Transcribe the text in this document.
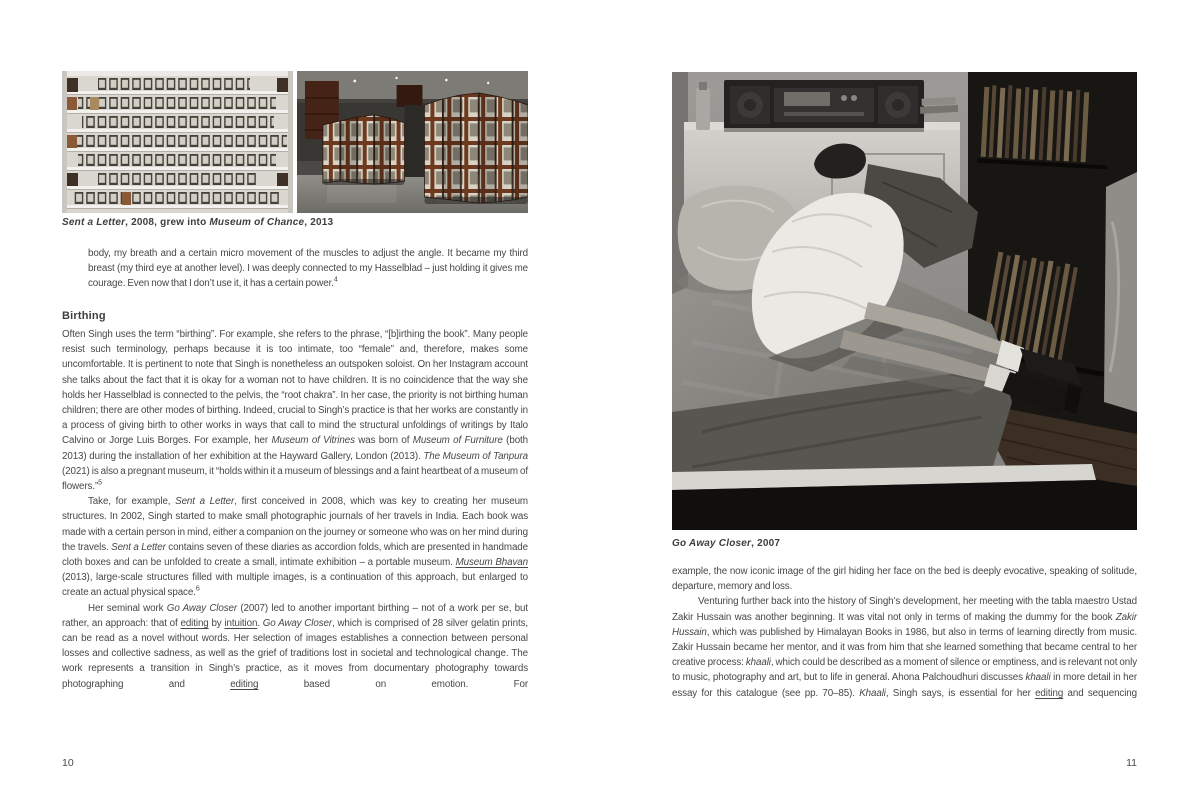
Sent a Letter, 2008, grew into Museum of Chance, 2013

body, my breath and a certain micro movement of the muscles to adjust the angle. It became my third breast (my third eye at another level). I was deeply connected to my Hasselblad – just holding it gives me courage. Even now that I don’t use it, it has a certain power.$^4$

Birthing

Often Singh uses the term “birthing”. For example, she refers to the phrase, “[b]irthing the book”. Many people resist such terminology, perhaps because it is too intimate, too “female” and, therefore, makes some uncomfortable. It is pertinent to note that Singh is nonetheless an outspoken soloist. On her Instagram account she talks about the fact that it is okay for a woman not to have children. It is no coincidence that the way she holds her Hasselblad is connected to the pelvis, the “root chakra”. In her case, the priority is not birthing human children; there are other modes of birthing. Indeed, crucial to Singh’s practice is that her works are constantly in a process of giving birth to other works in ways that call to mind the structural unfoldings of writings by Italo Calvino or Jorge Luis Borges. For example, her Museum of Vitrines was born of Museum of Furniture (both 2013) during the installation of her exhibition at the Hayward Gallery, London (2013). The Museum of Tanpura (2021) is also a pregnant museum, it “holds within it a museum of blessings and a faint heartbeat of a museum of flowers.”$^5$

Take, for example, Sent a Letter, first conceived in 2008, which was key to creating her museum structures. In 2002, Singh started to make small photographic journals of her travels in India. Each book was made with a certain person in mind, either a companion on the journey or someone who was on her mind during the travels. Sent a Letter contains seven of these diaries as accordion folds, which are presented in handmade cloth boxes and can be unfolded to create a small, intimate exhibition – a portable museum. Museum Bhavan (2013), large-scale structures filled with multiple images, is a continuation of this approach, but enlarged to create an actual physical space.$^6$

Her seminal work Go Away Closer (2007) led to another important birthing – not of a work per se, but rather, an approach: that of editing by intuition. Go Away Closer, which is comprised of 28 silver gelatin prints, can be read as a novel without words. Her selection of images establishes a connection between personal losses and collective sadness, as well as the grief of traditions lost in societal and technological change. The work represents a transition in Singh’s practice, as it moves from documentary photography towards photographing and editing based on emotion. For

10

Go Away Closer, 2007

example, the now iconic image of the girl hiding her face on the bed is deeply evocative, speaking of solitude, departure, memory and loss.

Venturing further back into the history of Singh’s development, her meeting with the tabla maestro Ustad Zakir Hussain was another beginning. It was vital not only in terms of making the dummy for the book Zakir Hussain, which was published by Himalayan Books in 1986, but also in terms of learning directly from music. Zakir Hussain became her mentor, and it was from him that she learned something that became central to her creative process: khaali, which could be described as a moment of silence or emptiness, and is relevant not only to music, photography and art, but to life in general. Ahona Palchoudhuri discusses khaali in more detail in her essay for this catalogue (see pp. 70–85). Khaali, Singh says, is essential for her editing and sequencing

11
